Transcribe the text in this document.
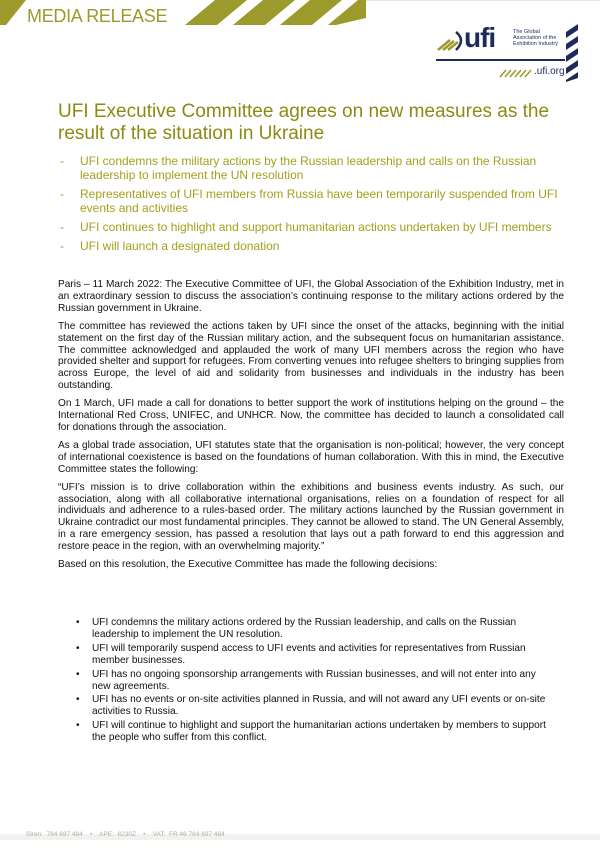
MEDIA RELEASE
ufi	The Global
Association of the
Exhibition Industry
.ufi.org
UFI Executive Committee agrees on new measures as the result of the situation in Ukraine
- UFI condemns the military actions by the Russian leadership and calls on the Russian leadership to implement the UN resolution
- Representatives of UFI members from Russia have been temporarily suspended from UFI events and activities
- UFI continues to highlight and support humanitarian actions undertaken by UFI members
- UFI will launch a designated donation

Paris – 11 March 2022: The Executive Committee of UFI, the Global Association of the Exhibition Industry, met in an extraordinary session to discuss the association’s continuing response to the military actions ordered by the Russian government in Ukraine.

The committee has reviewed the actions taken by UFI since the onset of the attacks, beginning with the initial statement on the first day of the Russian military action, and the subsequent focus on humanitarian assistance. The committee acknowledged and applauded the work of many UFI members across the region who have provided shelter and support for refugees. From converting venues into refugee shelters to bringing supplies from across Europe, the level of aid and solidarity from businesses and individuals in the industry has been outstanding.

On 1 March, UFI made a call for donations to better support the work of institutions helping on the ground – the International Red Cross, UNIFEC, and UNHCR. Now, the committee has decided to launch a consolidated call for donations through the association.

As a global trade association, UFI statutes state that the organisation is non-political; however, the very concept of international coexistence is based on the foundations of human collaboration. With this in mind, the Executive Committee states the following:

“UFI’s mission is to drive collaboration within the exhibitions and business events industry. As such, our association, along with all collaborative international organisations, relies on a foundation of respect for all individuals and adherence to a rules-based order. The military actions launched by the Russian government in Ukraine contradict our most fundamental principles. They cannot be allowed to stand. The UN General Assembly, in a rare emergency session, has passed a resolution that lays out a path forward to end this aggression and restore peace in the region, with an overwhelming majority.”

Based on this resolution, the Executive Committee has made the following decisions:

• UFI condemns the military actions ordered by the Russian leadership, and calls on the Russian leadership to implement the UN resolution.
• UFI will temporarily suspend access to UFI events and activities for representatives from Russian member businesses.
• UFI has no ongoing sponsorship arrangements with Russian businesses, and will not enter into any new agreements.
• UFI has no events or on-site activities planned in Russia, and will not award any UFI events or on-site activities to Russia.
• UFI will continue to highlight and support the humanitarian actions undertaken by members to support the people who suffer from this conflict.
Siren:  784 697 484    •    APE:  8230Z    •    VAT:  FR 46 784 697 484
